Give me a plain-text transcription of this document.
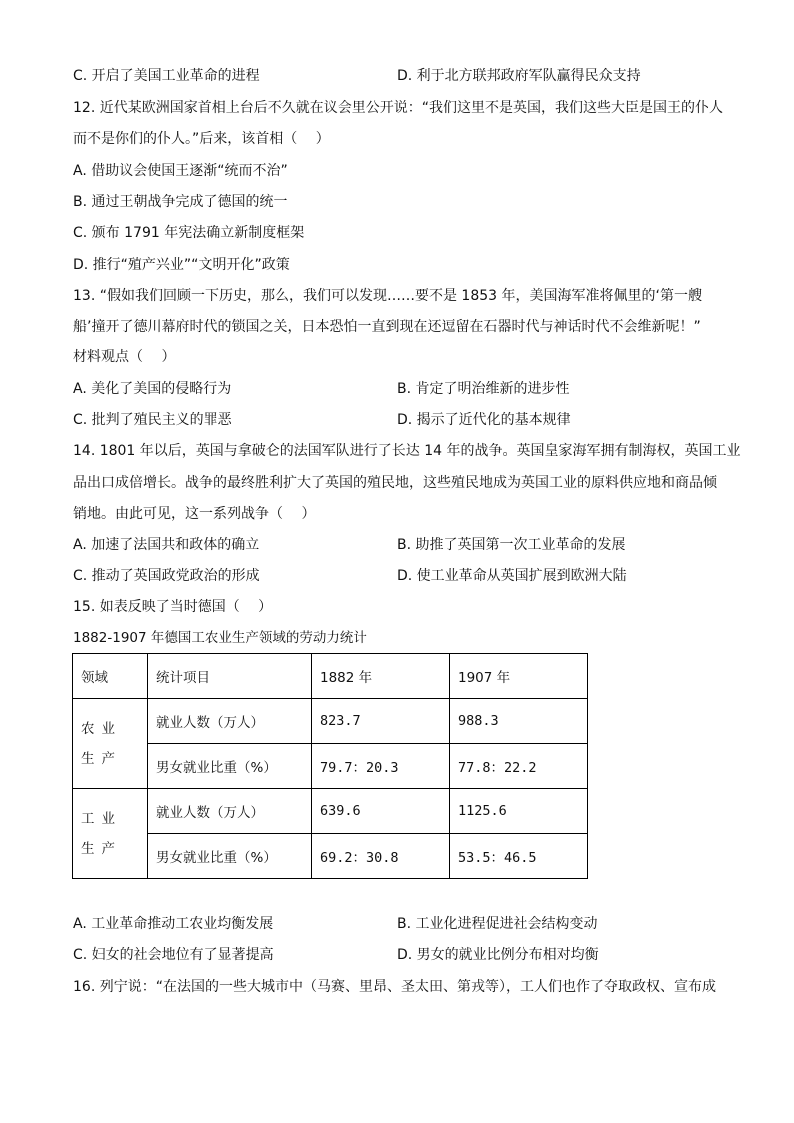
C. 开启了美国工业革命的进程	D. 利于北方联邦政府军队赢得民众支持
12. 近代某欧洲国家首相上台后不久就在议会里公开说：“我们这里不是英国，我们这些大臣是国王的仆人
而不是你们的仆人。”后来，该首相（　 ）
A. 借助议会使国王逐渐“统而不治”
B. 通过王朝战争完成了德国的统一
C. 颁布 1791 年宪法确立新制度框架
D. 推行“殖产兴业”“文明开化”政策
13. “假如我们回顾一下历史，那么，我们可以发现……要不是 1853 年，美国海军准将佩里的‘第一艘
船’撞开了德川幕府时代的锁国之关，日本恐怕一直到现在还逗留在石器时代与神话时代不会维新呢！”
材料观点（　 ）
A. 美化了美国的侵略行为	B. 肯定了明治维新的进步性
C. 批判了殖民主义的罪恶	D. 揭示了近代化的基本规律
14. 1801 年以后，英国与拿破仑的法国军队进行了长达 14 年的战争。英国皇家海军拥有制海权，英国工业
品出口成倍增长。战争的最终胜利扩大了英国的殖民地，这些殖民地成为英国工业的原料供应地和商品倾
销地。由此可见，这一系列战争（　 ）
A. 加速了法国共和政体的确立	B. 助推了英国第一次工业革命的发展
C. 推动了英国政党政治的形成	D. 使工业革命从英国扩展到欧洲大陆
15. 如表反映了当时德国（　 ）
1882-1907 年德国工农业生产领域的劳动力统计
领域	统计项目	1882 年	1907 年
农业生产	就业人数（万人）	823.7	988.3
	男女就业比重（%）	79.7：20.3	77.8：22.2
工业生产	就业人数（万人）	639.6	1125.6
	男女就业比重（%）	69.2：30.8	53.5：46.5
A. 工业革命推动工农业均衡发展	B. 工业化进程促进社会结构变动
C. 妇女的社会地位有了显著提高	D. 男女的就业比例分布相对均衡
16. 列宁说：“在法国的一些大城市中（马赛、里昂、圣太田、第戎等），工人们也作了夺取政权、宣布成
